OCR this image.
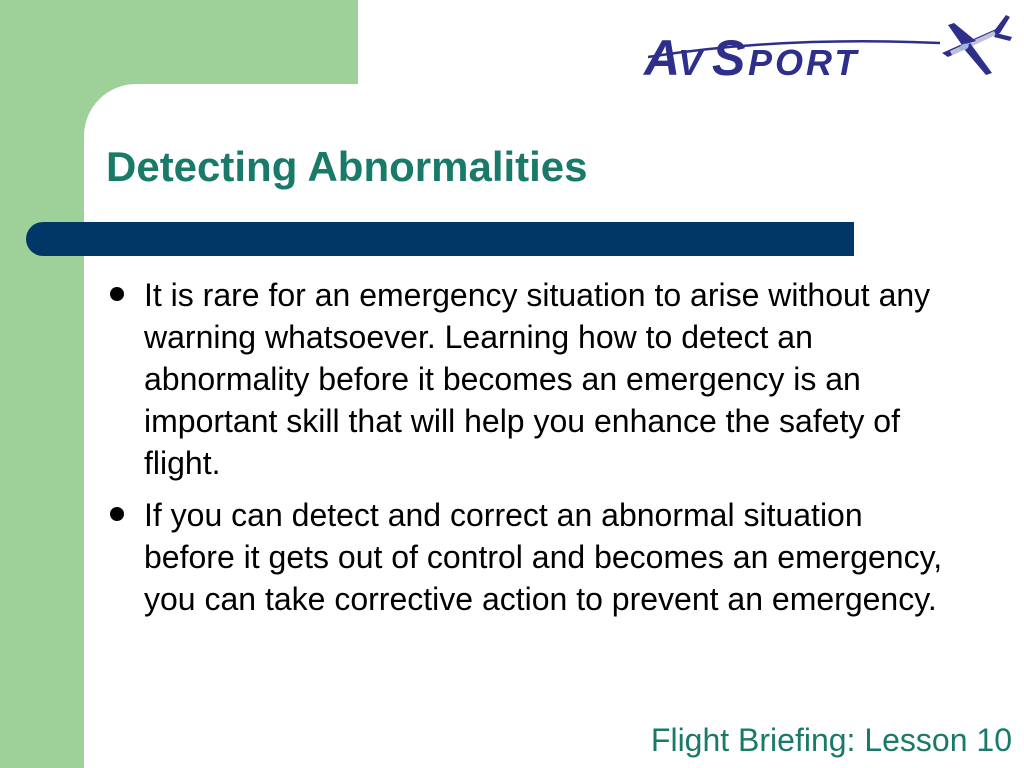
A
V S PORT
Detecting Abnormalities
It is rare for an emergency situation to arise without any warning whatsoever. Learning how to detect an abnormality before it becomes an emergency is an important skill that will help you enhance the safety of flight.
If you can detect and correct an abnormal situation before it gets out of control and becomes an emergency, you can take corrective action to prevent an emergency.
Flight Briefing: Lesson 10
